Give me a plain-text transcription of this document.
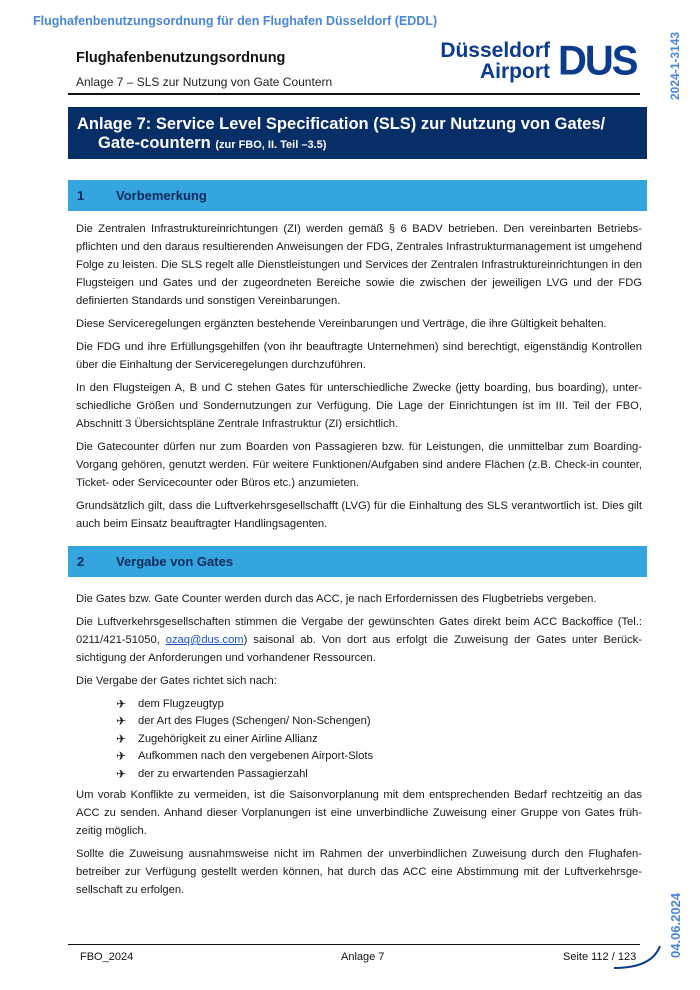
Flughafenbenutzungsordnung für den Flughafen Düsseldorf (EDDL)
2024-1-3143
04.06.2024
Flughafenbenutzungsordnung
Anlage 7 – SLS zur Nutzung von Gate Countern
Düsseldorf
Airport DUS
Anlage 7: Service Level Specification (SLS) zur Nutzung von Gates/
Gate-countern (zur FBO, II. Teil –3.5)
1	Vorbemerkung

Die Zentralen Infrastruktureinrichtungen (ZI) werden gemäß § 6 BADV betrieben. Den vereinbarten Betriebspflichten und den daraus resultierenden Anweisungen der FDG, Zentrales Infrastrukturmanagement ist umgehend Folge zu leisten. Die SLS regelt alle Dienstleistungen und Services der Zentralen Infrastruktureinrichtungen in den Flugsteigen und Gates und der zugeordneten Bereiche sowie die zwischen der jeweiligen LVG und der FDG definierten Standards und sonstigen Vereinbarungen.

Diese Serviceregelungen ergänzten bestehende Vereinbarungen und Verträge, die ihre Gültigkeit behalten.

Die FDG und ihre Erfüllungsgehilfen (von ihr beauftragte Unternehmen) sind berechtigt, eigenständig Kontrollen über die Einhaltung der Serviceregelungen durchzuführen.

In den Flugsteigen A, B und C stehen Gates für unterschiedliche Zwecke (jetty boarding, bus boarding), unterschiedliche Größen und Sondernutzungen zur Verfügung. Die Lage der Einrichtungen ist im III. Teil der FBO, Abschnitt 3 Übersichtspläne Zentrale Infrastruktur (ZI) ersichtlich.

Die Gatecounter dürfen nur zum Boarden von Passagieren bzw. für Leistungen, die unmittelbar zum Boarding-Vorgang gehören, genutzt werden. Für weitere Funktionen/Aufgaben sind andere Flächen (z.B. Check-in counter, Ticket- oder Servicecounter oder Büros etc.) anzumieten.

Grundsätzlich gilt, dass die Luftverkehrsgesellschafft (LVG) für die Einhaltung des SLS verantwortlich ist. Dies gilt auch beim Einsatz beauftragter Handlingsagenten.

2	Vergabe von Gates

Die Gates bzw. Gate Counter werden durch das ACC, je nach Erfordernissen des Flugbetriebs vergeben.

Die Luftverkehrsgesellschaften stimmen die Vergabe der gewünschten Gates direkt beim ACC Backoffice (Tel.: 0211/421-51050, ozaq@dus.com) saisonal ab. Von dort aus erfolgt die Zuweisung der Gates unter Berücksichtigung der Anforderungen und vorhandener Ressourcen.

Die Vergabe der Gates richtet sich nach:

✈	dem Flugzeugtyp
✈	der Art des Fluges (Schengen/ Non-Schengen)
✈	Zugehörigkeit zu einer Airline Allianz
✈	Aufkommen nach den vergebenen Airport-Slots
✈	der zu erwartenden Passagierzahl

Um vorab Konflikte zu vermeiden, ist die Saisonvorplanung mit dem entsprechenden Bedarf rechtzeitig an das ACC zu senden. Anhand dieser Vorplanungen ist eine unverbindliche Zuweisung einer Gruppe von Gates frühzeitig möglich.

Sollte die Zuweisung ausnahmsweise nicht im Rahmen der unverbindlichen Zuweisung durch den Flughafenbetreiber zur Verfügung gestellt werden können, hat durch das ACC eine Abstimmung mit der Luftverkehrsgesellschaft zu erfolgen.

FBO_2024	Anlage 7	Seite 112 / 123
